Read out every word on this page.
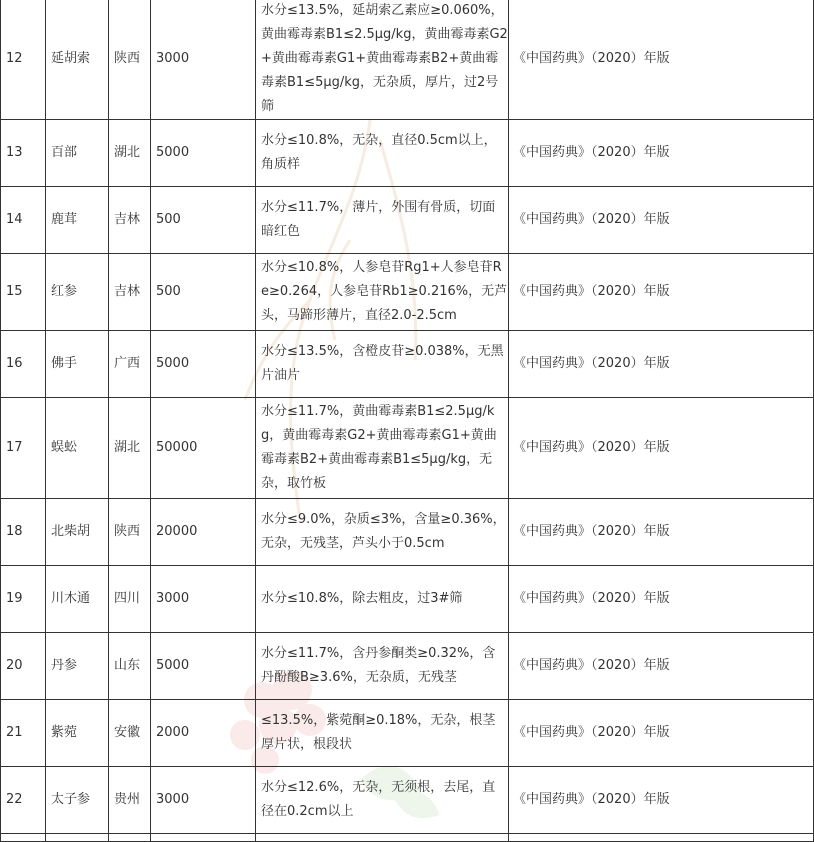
12	延胡索	陕西	3000	水分≤13.5%，延胡索乙素应≥0.060%，黄曲霉毒素B1≤2.5μg/kg，黄曲霉毒素G2+黄曲霉毒素G1+黄曲霉毒素B2+黄曲霉毒素B1≤5μg/kg，无杂质，厚片，过2号筛	《中国药典》（2020）年版
13	百部	湖北	5000	水分≤10.8%，无杂，直径0.5cm以上，角质样	《中国药典》（2020）年版
14	鹿茸	吉林	500	水分≤11.7%，薄片，外围有骨质，切面暗红色	《中国药典》（2020）年版
15	红参	吉林	500	水分≤10.8%，人参皂苷Rg1+人参皂苷Re≥0.264，人参皂苷Rb1≥0.216%，无芦头，马蹄形薄片，直径2.0-2.5cm	《中国药典》（2020）年版
16	佛手	广西	5000	水分≤13.5%，含橙皮苷≥0.038%，无黑片油片	《中国药典》（2020）年版
17	蜈蚣	湖北	50000	水分≤11.7%，黄曲霉毒素B1≤2.5μg/kg，黄曲霉毒素G2+黄曲霉毒素G1+黄曲霉毒素B2+黄曲霉毒素B1≤5μg/kg，无杂，取竹板	《中国药典》（2020）年版
18	北柴胡	陕西	20000	水分≤9.0%，杂质≤3%，含量≥0.36%，无杂，无残茎，芦头小于0.5cm	《中国药典》（2020）年版
19	川木通	四川	3000	水分≤10.8%，除去粗皮，过3#筛	《中国药典》（2020）年版
20	丹参	山东	5000	水分≤11.7%，含丹参酮类≥0.32%，含丹酚酸B≥3.6%，无杂质，无残茎	《中国药典》（2020）年版
21	紫菀	安徽	2000	≤13.5%，紫菀酮≥0.18%，无杂，根茎厚片状，根段状	《中国药典》（2020）年版
22	太子参	贵州	3000	水分≤12.6%，无杂，无须根，去尾，直径在0.2cm以上	《中国药典》（2020）年版
